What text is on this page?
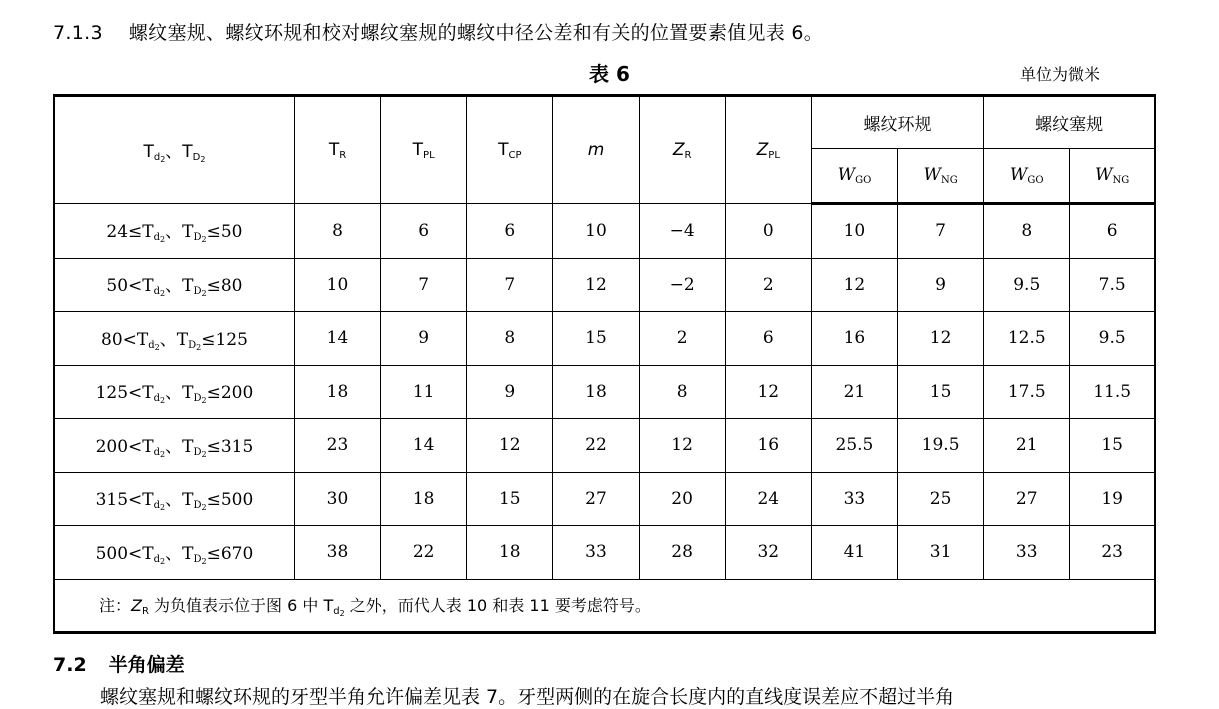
7.1.3 螺纹塞规、螺纹环规和校对螺纹塞规的螺纹中径公差和有关的位置要素值见表 6。
表 6	单位为微米
$T_{d_2}$、$T_{D_2}$	$T_R$	$T_{PL}$	$T_{CP}$	m	$Z_R$	$Z_{PL}$	螺纹环规		螺纹塞规	
							$W_{GO}$	$W_{NG}$	$W_{GO}$	$W_{NG}$
$24\le T_{d_2}$、$T_{D_2}\le 50$	8	6	6	10	−4	0	10	7	8	6
$50<T_{d_2}$、$T_{D_2}\le 80$	10	7	7	12	−2	2	12	9	9.5	7.5
$80<T_{d_2}$、$T_{D_2}\le 125$	14	9	8	15	2	6	16	12	12.5	9.5
$125<T_{d_2}$、$T_{D_2}\le 200$	18	11	9	18	8	12	21	15	17.5	11.5
$200<T_{d_2}$、$T_{D_2}\le 315$	23	14	12	22	12	16	25.5	19.5	21	15
$315<T_{d_2}$、$T_{D_2}\le 500$	30	18	15	27	20	24	33	25	27	19
$500<T_{d_2}$、$T_{D_2}\le 670$	38	22	18	33	28	32	41	31	33	23
注：$Z_R$ 为负值表示位于图 6 中 $T_{d_2}$ 之外，而代人表 10 和表 11 要考虑符号。										
7.2 半角偏差
螺纹塞规和螺纹环规的牙型半角允许偏差见表 7。牙型两侧的在旋合长度内的直线度误差应不超过半角
